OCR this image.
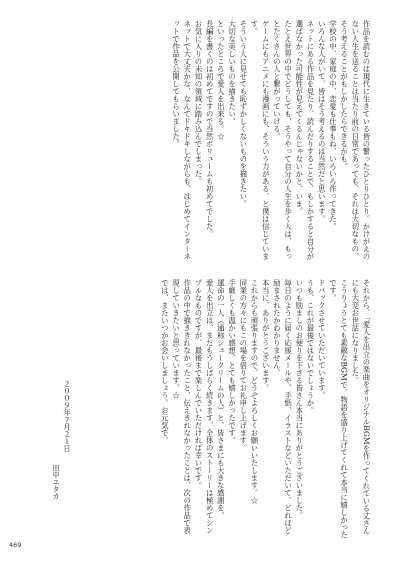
作品を読むのは現代に生きている皆の繋ったひとりひとり。かけがえのない人生を送ることは当たり前の日常であっても、それは大切なもの、そう考えることがもしかしたらできるかも。

学校の中、家庭の中、恋愛も仕事もね、いろいろ作ってきた。

いろんな人がいて、皆はそう考えるのは当然だと思います。

ネットにある作品を見たり、読んだりすることで、もしかすると自分が選ばなかった可能性が見えてくるんじゃないかと、いま。

たとえ世界の中でどうしても、そうやって自分の人生を歩く人は、もっとたくさんの人と繋がっていける。

ゲームにもアニメにも漫画にも、そういう力がある、と僕は信じています。

そういう人に見せても恥ずかしくないものを描きたい。

大切な美しいものを描きたい。

といったところで愛人を出来る。☆

長編を書くのは初めてですので当然ボリュームも初めてでした。

お気に入りの未知の領域に踏み込んでしまった。

ネットで大丈夫かな、なんてドキドキしながらも、はじめてインターネットで作品を公開してもらいました。

それから、「愛人を出立の楽曲をオリジナルBGMを作ってくれている丈さんにも大変お世話になりました。

こうりょうとても素敵なBGMで、物語を盛り上げてくれて本当に嬉しかったです。

ドバックさせていただいています。

うも、これが最後ではないでしょうか。

いつも励ましのお便りを下さる皆さん本当にありがとうございました。

毎日のように届く応援メールや、手紙、イラストなどいただいて、どれほど励まされたかわかりません。

本当に、ありがとうございます。

これからも頑張りますので、どうぞよろしくお願いいたします。☆

同業の方々にもこの場を借りてお礼申し上げます。

手厳しくも温かい感想、とても嬉しかったです。

運命の一人（通称シュークリームの人）と、皆さまにも大きな感謝を。

愛人を出立は、まだもうしばらく続きます。全体のストーリーは極めてシンプルなものですが、最後まで楽しんでいただければ幸いです。

作品の中で描ききれなかったこと、伝えきれなかったことは、次の作品で表現していきたいと思っています。☆

では、またいつかお会いしましょう。お元気で。

２００９年７月２１日
田中ユタカ
469
